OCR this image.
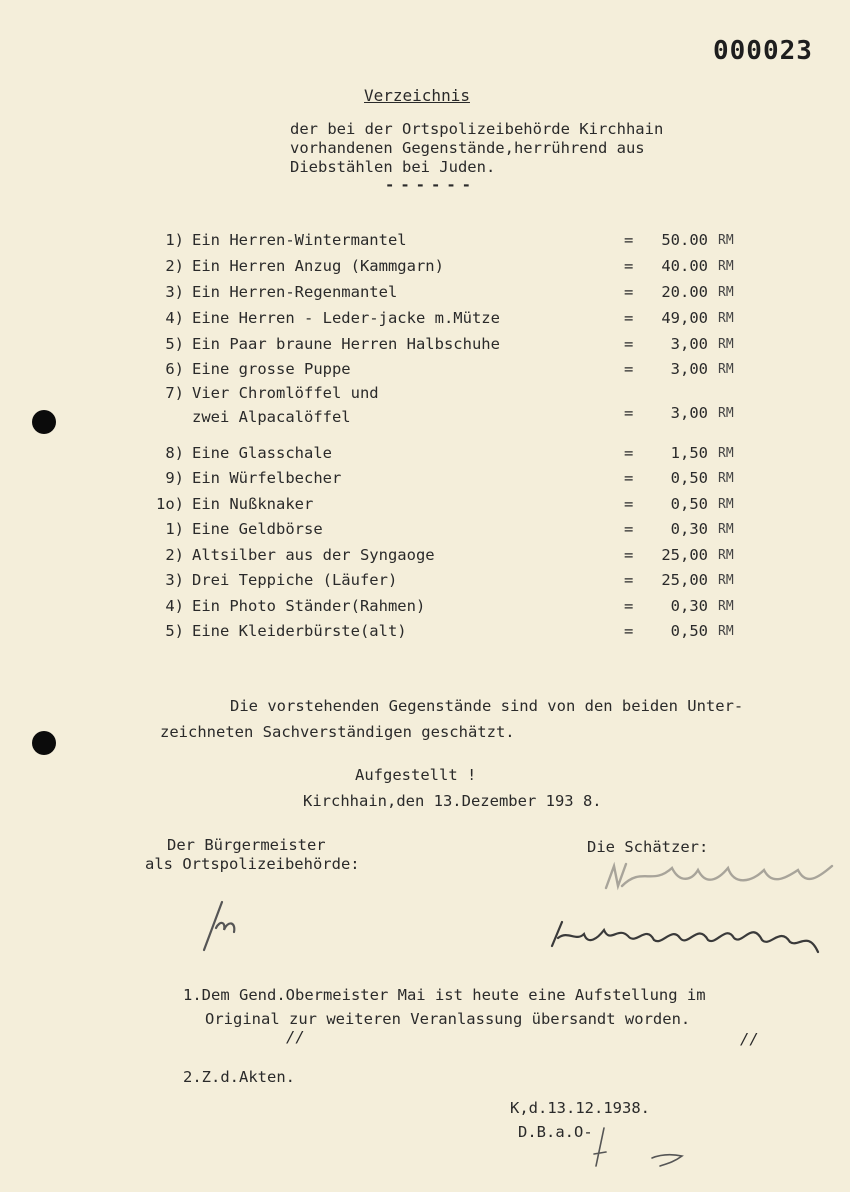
000023
Verzeichnis
der bei der Ortspolizeibehörde Kirchhain
vorhandenen Gegenstände,herrührend aus
Diebstählen bei Juden.
------
1) Ein Herren-Wintermantel	=	50.00 RM
2) Ein Herren Anzug (Kammgarn)	=	40.00 RM
3) Ein Herren-Regenmantel	=	20.00 RM
4) Eine Herren - Leder-jacke m.Mütze	=	49,00 RM
5) Ein Paar braune Herren Halbschuhe	=	3,00 RM
6) Eine grosse Puppe	=	3,00 RM
7) Vier Chromlöffel und
zwei Alpacalöffel	=	3,00 RM
8) Eine Glasschale	=	1,50 RM
9) Ein Würfelbecher	=	0,50 RM
1o) Ein Nußknaker	=	0,50 RM
1) Eine Geldbörse	=	0,30 RM
2) Altsilber aus der Syngaoge	=	25,00 RM
3) Drei Teppiche (Läufer)	=	25,00 RM
4) Ein Photo Ständer(Rahmen)	=	0,30 RM
5) Eine Kleiderbürste(alt)	=	0,50 RM
Die vorstehenden Gegenstände sind von den beiden Unter-
zeichneten Sachverständigen geschätzt.
Aufgestellt !
Kirchhain,den 13.Dezember 193 8.
Der Bürgermeister
als Ortspolizeibehörde:
Die Schätzer:
1.Dem Gend.Obermeister Mai ist heute eine Aufstellung im
Original zur weiteren Veranlassung übersandt worden.
//	//
2.Z.d.Akten.
K,d.13.12.1938.
D.B.a.O-
